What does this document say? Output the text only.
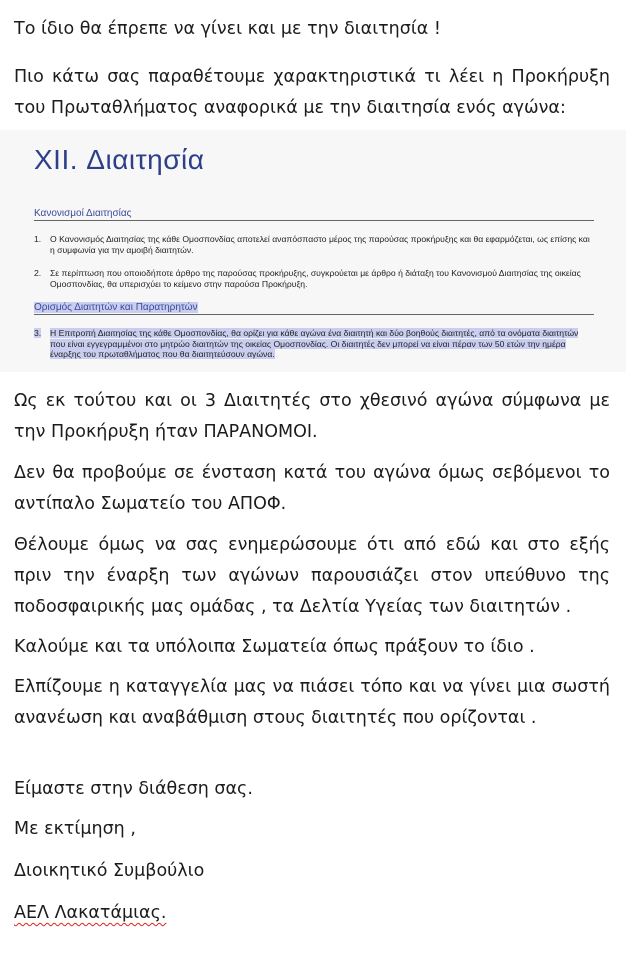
Το ίδιο θα έπρεπε να γίνει και με την διαιτησία !

Πιο κάτω σας παραθέτουμε χαρακτηριστικά τι λέει η Προκήρυξη του Πρωταθλήματος αναφορικά με την διαιτησία ενός αγώνα:

XII. Διαιτησία
Κανονισμοί Διαιτησίας
1.	Ο Κανονισμός Διαιτησίας της κάθε Ομοσπονδίας αποτελεί αναπόσπαστο μέρος της παρούσας προκήρυξης και θα εφαρμόζεται, ως επίσης και η συμφωνία για την αμοιβή διαιτητών.
2.	Σε περίπτωση που οποιοδήποτε άρθρο της παρούσας προκήρυξης, συγκρούεται με άρθρο ή διάταξη του Κανονισμού Διαιτησίας της οικείας Ομοσπονδίας, θα υπερισχύει το κείμενο στην παρούσα Προκήρυξη.
Ορισμός Διαιτητών και Παρατηρητών
3.	Η Επιτροπή Διαιτησίας της κάθε Ομοσπονδίας, θα ορίζει για κάθε αγώνα ένα διαιτητή και δύο βοηθούς διαιτητές, από τα ονόματα διαιτητών που είναι εγγεγραμμένοι στο μητρώο διαιτητών της οικείας Ομοσπονδίας. Οι διαιτητές δεν μπορεί να είναι πέραν των 50 ετών την ημέρα έναρξης του πρωταθλήματος που θα διαιτητεύσουν αγώνα.

Ως εκ τούτου και οι 3 Διαιτητές στο χθεσινό αγώνα σύμφωνα με την Προκήρυξη ήταν ΠΑΡΑΝΟΜΟΙ.

Δεν θα προβούμε σε ένσταση κατά του αγώνα όμως σεβόμενοι το αντίπαλο Σωματείο του ΑΠΟΦ.

Θέλουμε όμως να σας ενημερώσουμε ότι από εδώ και στο εξής πριν την έναρξη των αγώνων παρουσιάζει στον υπεύθυνο της ποδοσφαιρικής μας ομάδας , τα Δελτία Υγείας των διαιτητών .

Καλούμε και τα υπόλοιπα Σωματεία όπως πράξουν το ίδιο .

Ελπίζουμε η καταγγελία μας να πιάσει τόπο και να γίνει μια σωστή ανανέωση και αναβάθμιση στους διαιτητές που ορίζονται .

Είμαστε στην διάθεση σας.

Με εκτίμηση ,

Διοικητικό Συμβούλιο

ΑΕΛ Λακατάμιας.
